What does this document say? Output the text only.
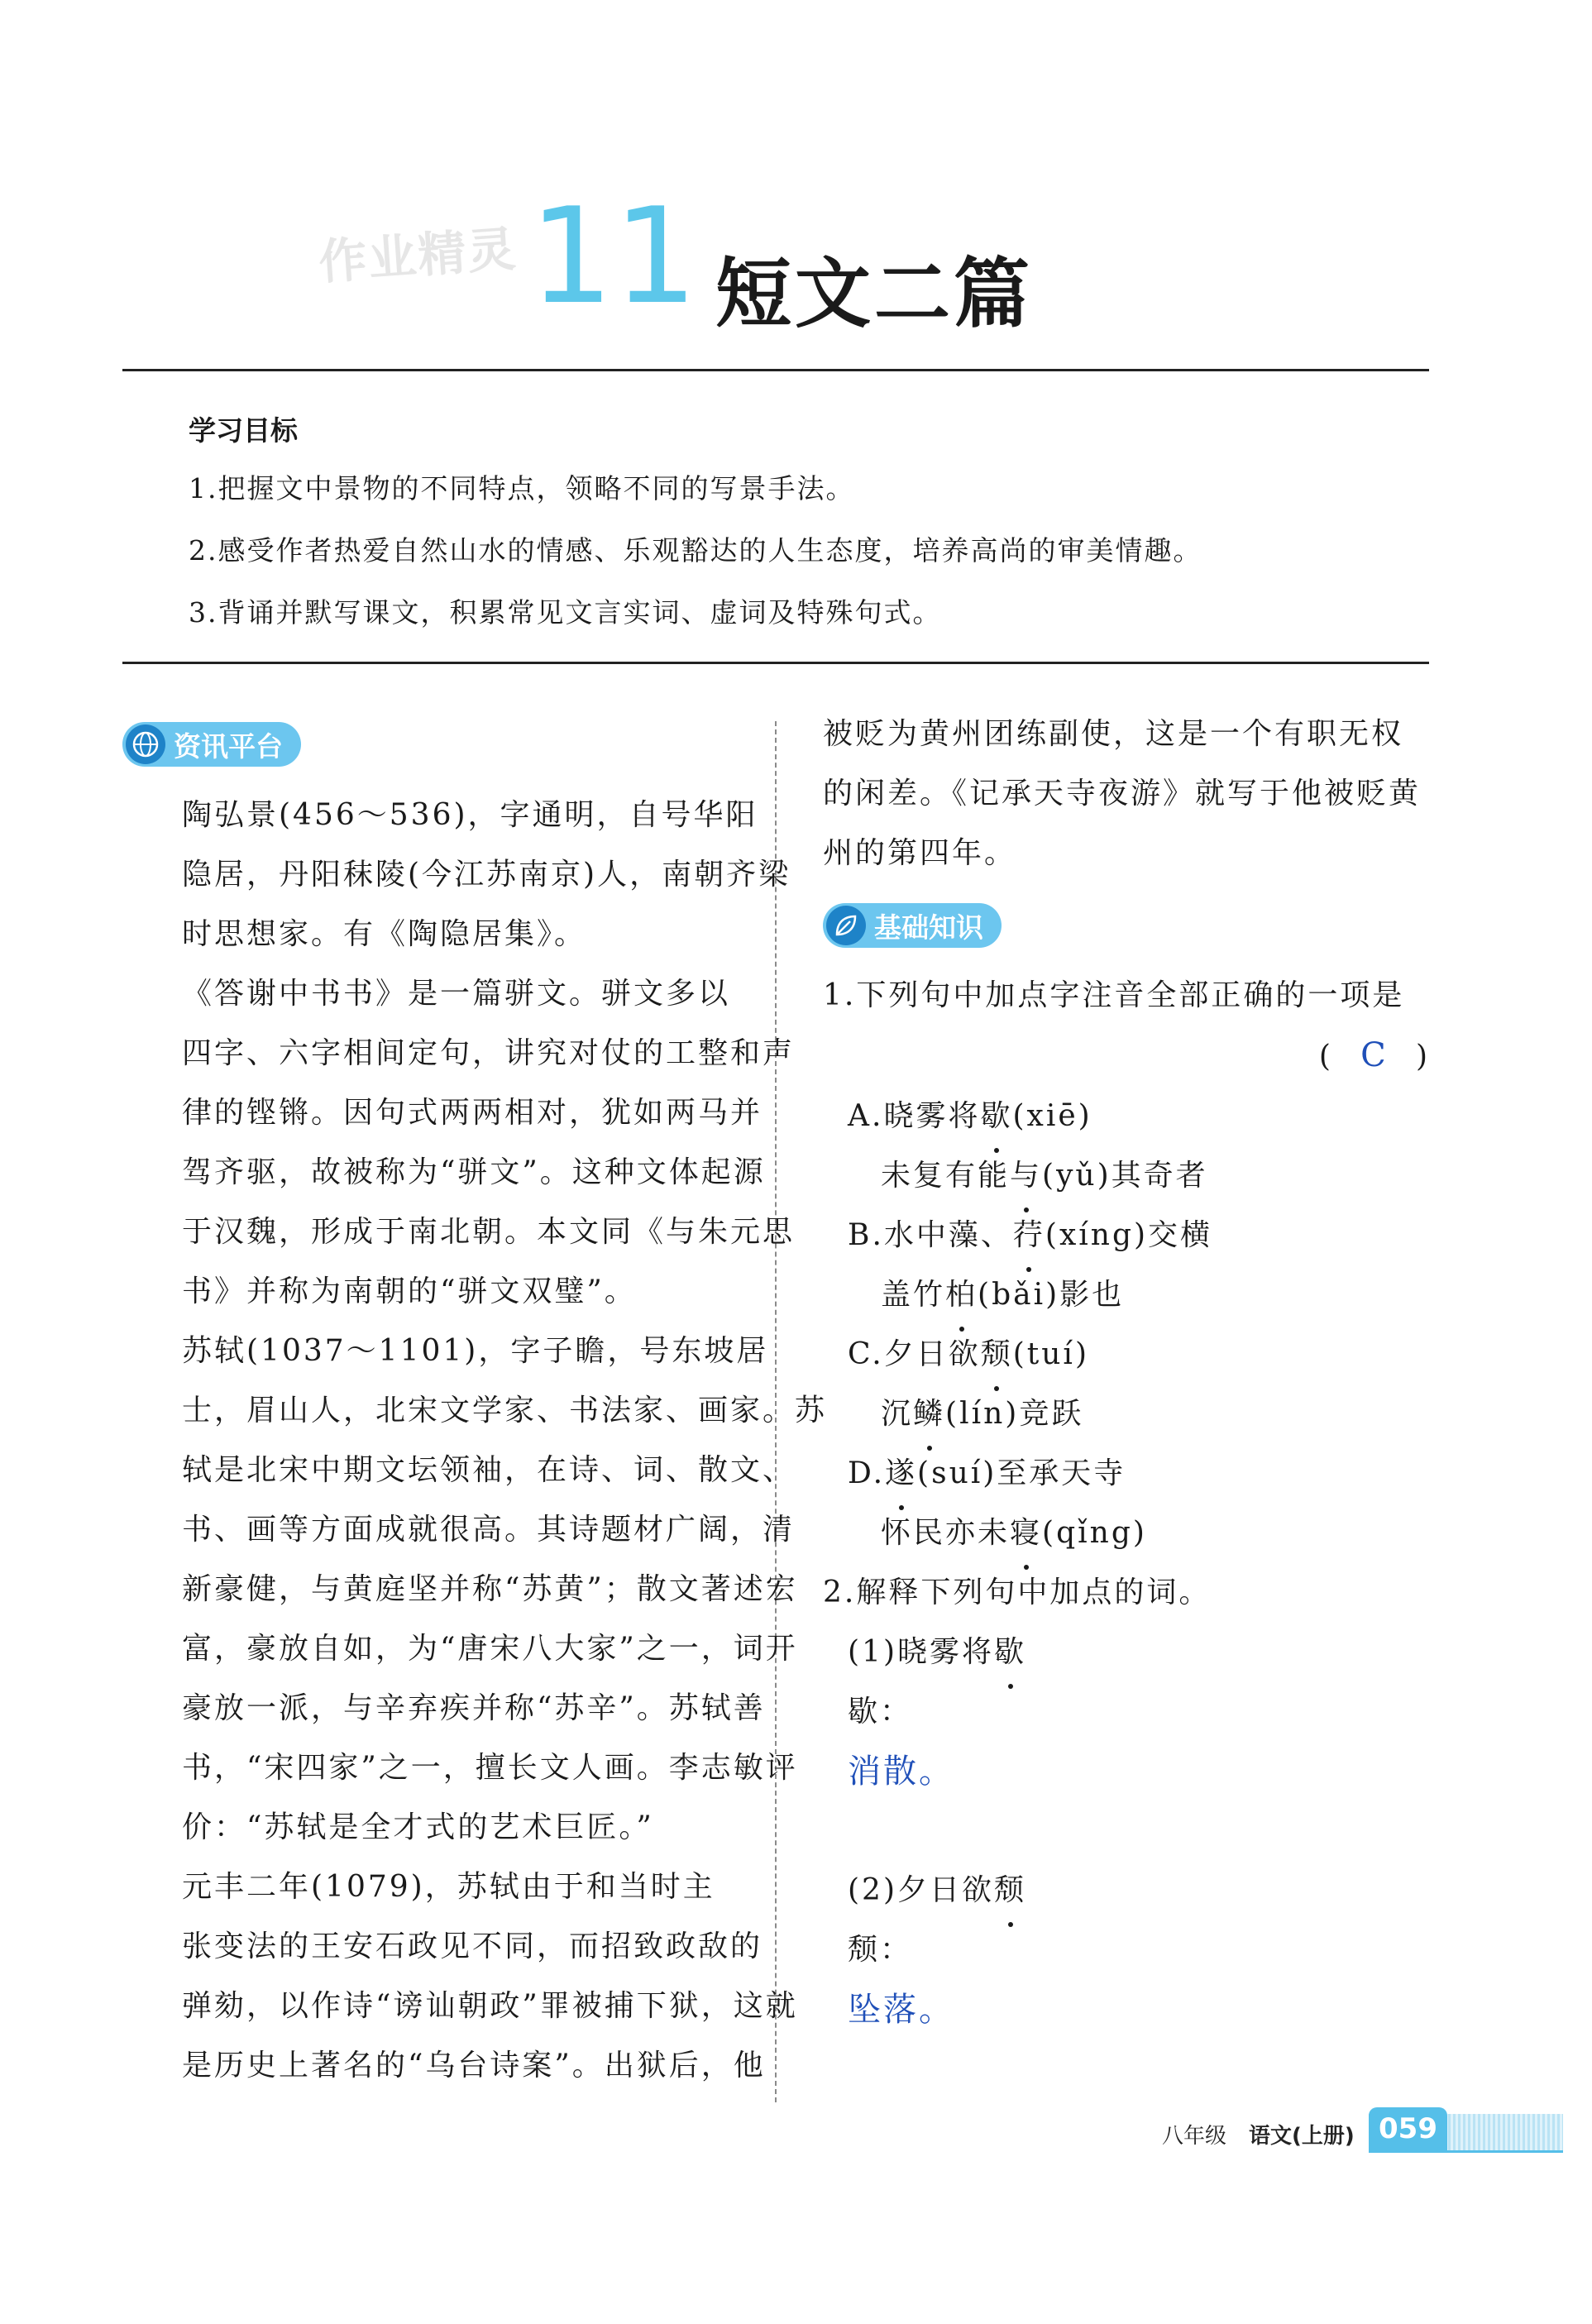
作业精灵 11 短文二篇
学习目标
1.把握文中景物的不同特点，领略不同的写景手法。
2.感受作者热爱自然山水的情感、乐观豁达的人生态度，培养高尚的审美情趣。
3.背诵并默写课文，积累常见文言实词、虚词及特殊句式。
资讯平台
陶弘景(456～536)，字通明，自号华阳
隐居，丹阳秣陵(今江苏南京)人，南朝齐梁
时思想家。有《陶隐居集》。
《答谢中书书》是一篇骈文。骈文多以
四字、六字相间定句，讲究对仗的工整和声
律的铿锵。因句式两两相对，犹如两马并
驾齐驱，故被称为“骈文”。这种文体起源
于汉魏，形成于南北朝。本文同《与朱元思
书》并称为南朝的“骈文双璧”。
苏轼(1037～1101)，字子瞻，号东坡居
士，眉山人，北宋文学家、书法家、画家。苏
轼是北宋中期文坛领袖，在诗、词、散文、
书、画等方面成就很高。其诗题材广阔，清
新豪健，与黄庭坚并称“苏黄”；散文著述宏
富，豪放自如，为“唐宋八大家”之一，词开
豪放一派，与辛弃疾并称“苏辛”。苏轼善
书，“宋四家”之一，擅长文人画。李志敏评
价：“苏轼是全才式的艺术巨匠。”
元丰二年(1079)，苏轼由于和当时主
张变法的王安石政见不同，而招致政敌的
弹劾，以作诗“谤讪朝政”罪被捕下狱，这就
是历史上著名的“乌台诗案”。出狱后，他
被贬为黄州团练副使，这是一个有职无权
的闲差。《记承天寺夜游》就写于他被贬黄
州的第四年。
基础知识
1.下列句中加点字注音全部正确的一项是
( C )
A.晓雾将歇(xiē)
未复有能与(yǔ)其奇者
B.水中藻、荇(xíng)交横
盖竹柏(bǎi)影也
C.夕日欲颓(tuí)
沉鳞(lín)竞跃
D.遂(suí)至承天寺
怀民亦未寝(qǐng)
2.解释下列句中加点的词。
(1)晓雾将歇
歇：
消散。
(2)夕日欲颓
颓：
坠落。
八年级 语文(上册) 059
